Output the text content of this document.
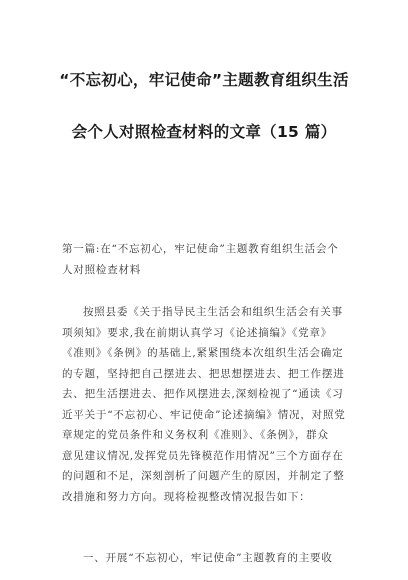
“不忘初心，牢记使命”主题教育组织生活
会个人对照检查材料的文章（15 篇）
第一篇:在“不忘初心，牢记使命”主题教育组织生活会个
人对照检查材料
按照县委《关于指导民主生活会和组织生活会有关事
项须知》要求,我在前期认真学习《论述摘编》《党章》
《准则》《条例》的基础上,紧紧围绕本次组织生活会确定
的专题，坚持把自己摆进去、把思想摆进去、把工作摆进
去、把生活摆进去、把作风摆进去,深刻检视了“通读《习
近平关于“不忘初心、牢记使命”论述摘编》情况，对照党
章规定的党员条件和义务权利《准则》、《条例》，群众
意见建议情况,发挥党员先锋模范作用情况”三个方面存在
的问题和不足，深刻剖析了问题产生的原因，并制定了整
改措施和努力方向。现将检视整改情况报告如下：
一、开展“不忘初心，牢记使命”主题教育的主要收
